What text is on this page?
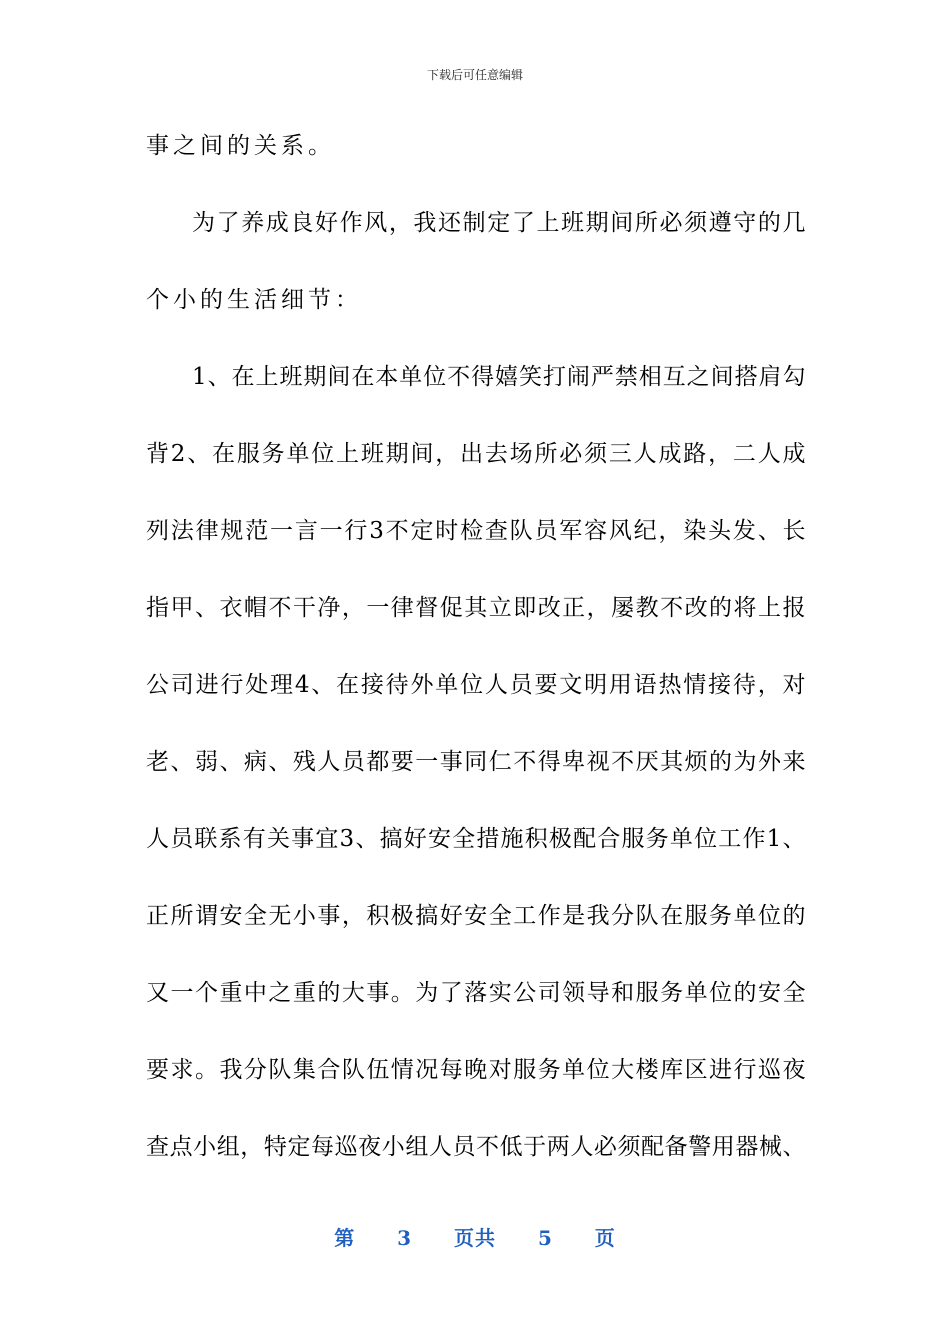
下载后可任意编辑
事之间的关系。
为了养成良好作风，我还制定了上班期间所必须遵守的几
个小的生活细节：
1、在上班期间在本单位不得嬉笑打闹严禁相互之间搭肩勾
背2、在服务单位上班期间，出去场所必须三人成路，二人成
列法律规范一言一行3不定时检查队员军容风纪，染头发、长
指甲、衣帽不干净，一律督促其立即改正，屡教不改的将上报
公司进行处理4、在接待外单位人员要文明用语热情接待，对
老、弱、病、残人员都要一事同仁不得卑视不厌其烦的为外来
人员联系有关事宜3、搞好安全措施积极配合服务单位工作1、
正所谓安全无小事，积极搞好安全工作是我分队在服务单位的
又一个重中之重的大事。为了落实公司领导和服务单位的安全
要求。我分队集合队伍情况每晚对服务单位大楼库区进行巡夜
查点小组，特定每巡夜小组人员不低于两人必须配备警用器械、
第 3 页共 5 页
